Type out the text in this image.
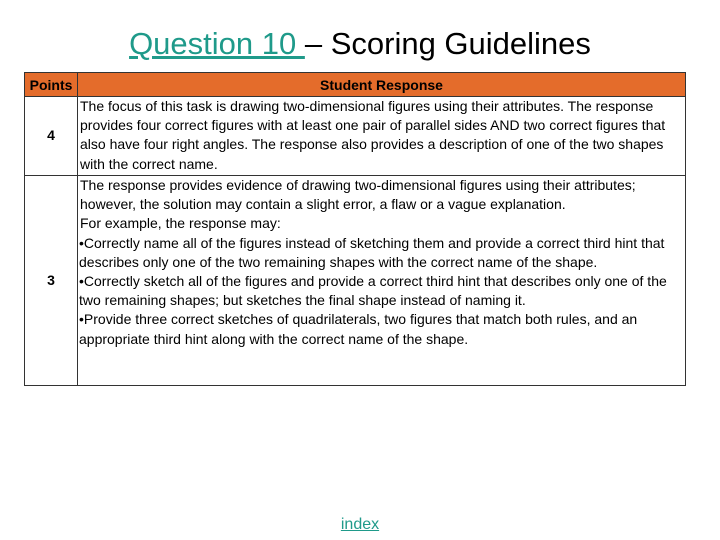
Question 10 – Scoring Guidelines
Points	Student Response
4	The focus of this task is drawing two-dimensional figures using their attributes. The response provides four correct figures with at least one pair of parallel sides AND two correct figures that also have four right angles. The response also provides a description of one of the two shapes with the correct name.

3	The response provides evidence of drawing two-dimensional figures using their attributes; however, the solution may contain a slight error, a flaw or a vague explanation.
For example, the response may:
•Correctly name all of the figures instead of sketching them and provide a correct third hint that describes only one of the two remaining shapes with the correct name of the shape.
•Correctly sketch all of the figures and provide a correct third hint that describes only one of the two remaining shapes; but sketches the final shape instead of naming it.
•Provide three correct sketches of quadrilaterals, two figures that match both rules, and an appropriate third hint along with the correct name of the shape.
index
